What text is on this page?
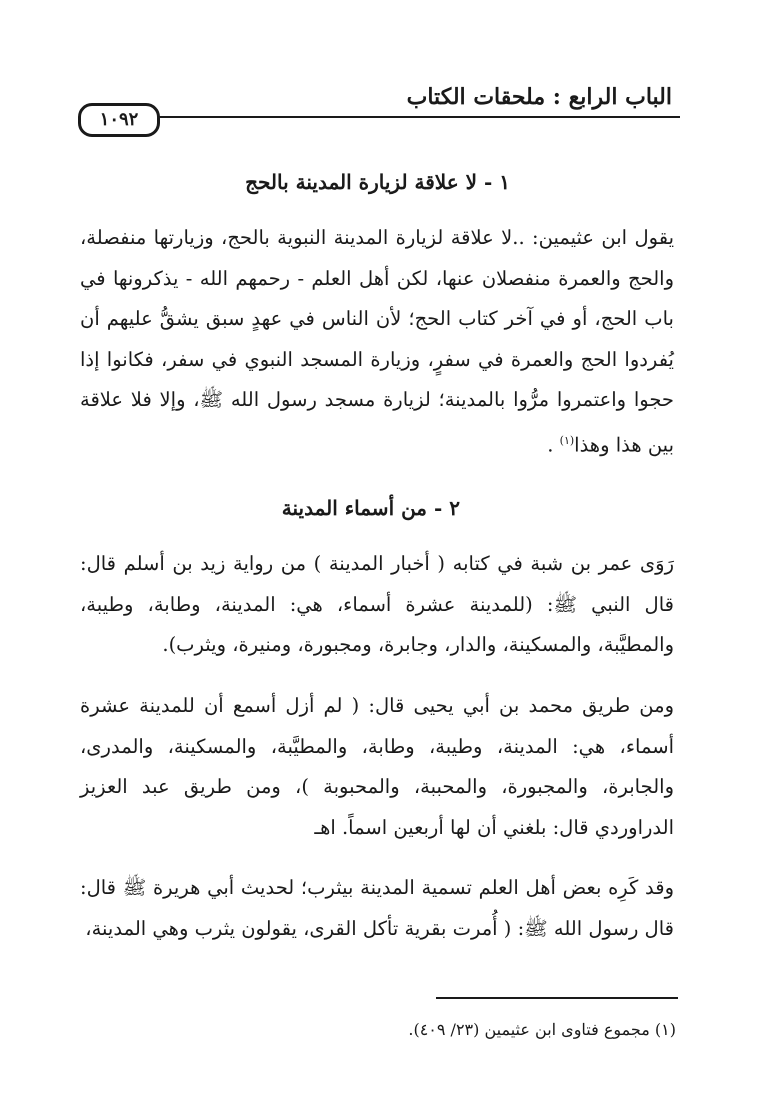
الباب الرابع : ملحقات الكتاب
١٠٩٢
١ - لا علاقة لزيارة المدينة بالحج

يقول ابن عثيمين: ..لا علاقة لزيارة المدينة النبوية بالحج، وزيارتها منفصلة، والحج والعمرة منفصلان عنها، لكن أهل العلم - رحمهم الله - يذكرونها في باب الحج، أو في آخر كتاب الحج؛ لأن الناس في عهدٍ سبق يشقُّ عليهم أن يُفردوا الحج والعمرة في سفرٍ، وزيارة المسجد النبوي في سفر، فكانوا إذا حجوا واعتمروا مرُّوا بالمدينة؛ لزيارة مسجد رسول الله ﷺ، وإلا فلا علاقة بين هذا وهذا$^{(١)}$ .

٢ - من أسماء المدينة

رَوَى عمر بن شبة في كتابه ( أخبار المدينة ) من رواية زيد بن أسلم قال: قال النبي ﷺ: (للمدينة عشرة أسماء، هي: المدينة، وطابة، وطيبة، والمطيَّبة، والمسكينة، والدار، وجابرة، ومجبورة، ومنيرة، ويثرب).

ومن طريق محمد بن أبي يحيى قال: ( لم أزل أسمع أن للمدينة عشرة أسماء، هي: المدينة، وطيبة، وطابة، والمطيَّبة، والمسكينة، والمدرى، والجابرة، والمجبورة، والمحببة، والمحبوبة )، ومن طريق عبد العزيز الدراوردي قال: بلغني أن لها أربعين اسماً. اهـ

وقد كَرِه بعض أهل العلم تسمية المدينة بيثرب؛ لحديث أبي هريرة ﷺ قال: قال رسول الله ﷺ: ( أُمرت بقرية تأكل القرى، يقولون يثرب وهي المدينة،

(١) مجموع فتاوى ابن عثيمين (٢٣/ ٤٠٩).
